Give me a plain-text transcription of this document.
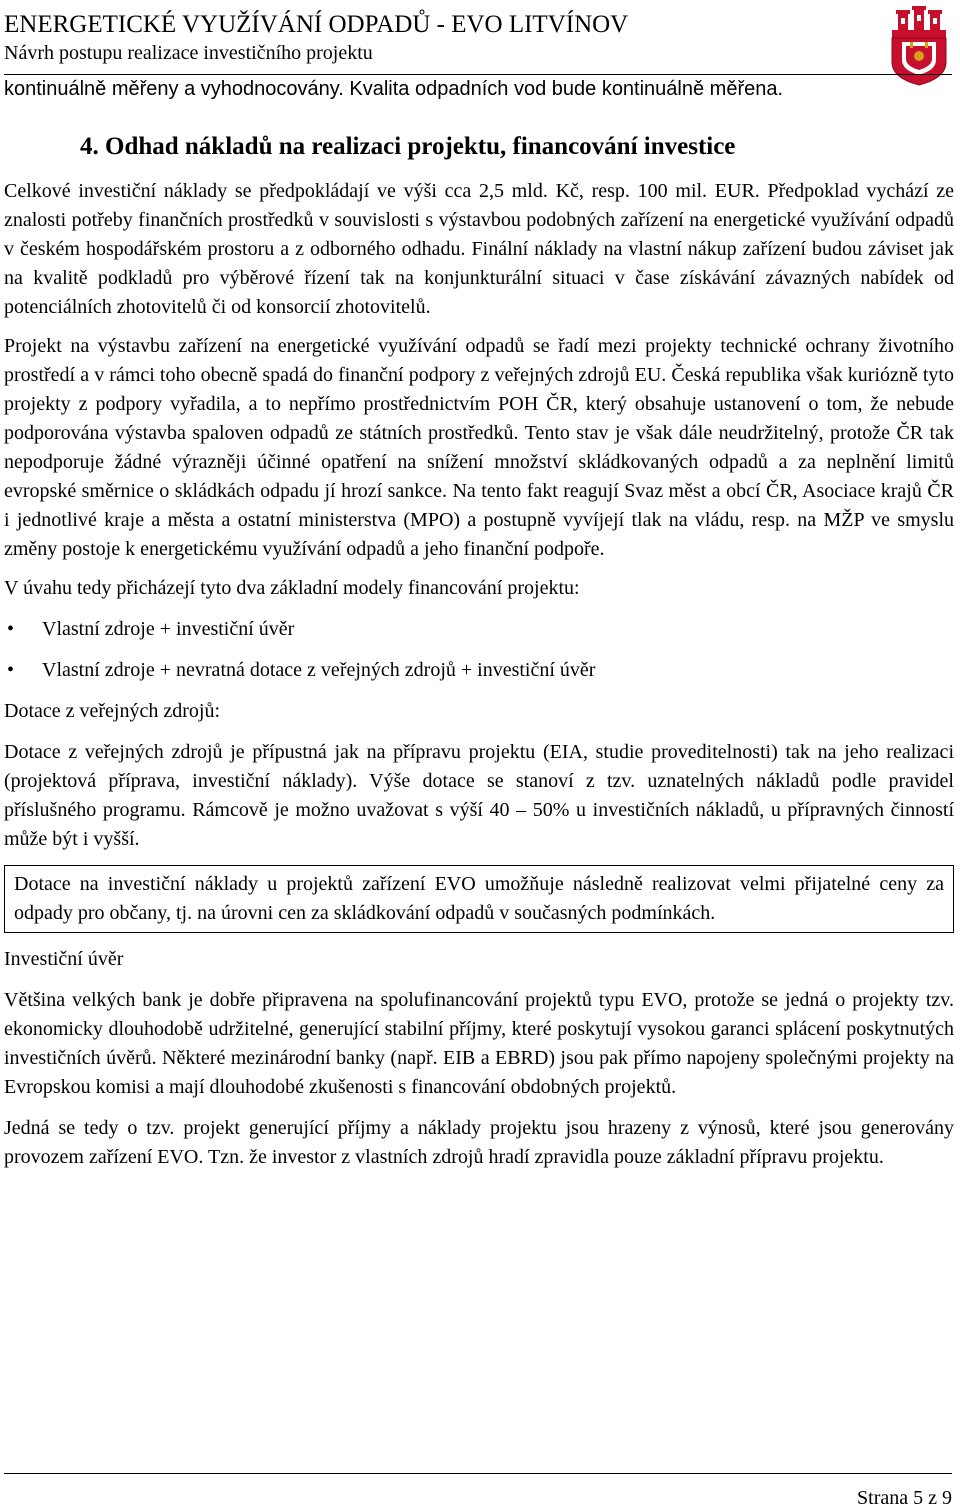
ENERGETICKÉ VYUŽÍVÁNÍ ODPADŮ - EVO LITVÍNOV
Návrh postupu realizace investičního projektu

kontinuálně měřeny a vyhodnocovány. Kvalita odpadních vod bude kontinuálně měřena.

4. Odhad nákladů na realizaci projektu, financování investice

Celkové investiční náklady se předpokládají ve výši cca 2,5 mld. Kč, resp. 100 mil. EUR. Předpoklad vychází ze znalosti potřeby finančních prostředků v souvislosti s výstavbou podobných zařízení na energetické využívání odpadů v českém hospodářském prostoru a z odborného odhadu. Finální náklady na vlastní nákup zařízení budou záviset jak na kvalitě podkladů pro výběrové řízení tak na konjunkturální situaci v čase získávání závazných nabídek od potenciálních zhotovitelů či od konsorcií zhotovitelů.

Projekt na výstavbu zařízení na energetické využívání odpadů se řadí mezi projekty technické ochrany životního prostředí a v rámci toho obecně spadá do finanční podpory z veřejných zdrojů EU. Česká republika však kuriózně tyto projekty z podpory vyřadila, a to nepřímo prostřednictvím POH ČR, který obsahuje ustanovení o tom, že nebude podporována výstavba spaloven odpadů ze státních prostředků. Tento stav je však dále neudržitelný, protože ČR tak nepodporuje žádné výrazněji účinné opatření na snížení množství skládkovaných odpadů a za neplnění limitů evropské směrnice o skládkách odpadu jí hrozí sankce. Na tento fakt reagují Svaz měst a obcí ČR, Asociace krajů ČR i jednotlivé kraje a města a ostatní ministerstva (MPO) a postupně vyvíjejí tlak na vládu, resp. na MŽP ve smyslu změny postoje k energetickému využívání odpadů a jeho finanční podpoře.

V úvahu tedy přicházejí tyto dva základní modely financování projektu:

• Vlastní zdroje + investiční úvěr
• Vlastní zdroje + nevratná dotace z veřejných zdrojů + investiční úvěr

Dotace z veřejných zdrojů:

Dotace z veřejných zdrojů je přípustná jak na přípravu projektu (EIA, studie proveditelnosti) tak na jeho realizaci (projektová příprava, investiční náklady). Výše dotace se stanoví z tzv. uznatelných nákladů podle pravidel příslušného programu. Rámcově je možno uvažovat s výší 40 – 50% u investičních nákladů, u přípravných činností může být i vyšší.

Dotace na investiční náklady u projektů zařízení EVO umožňuje následně realizovat velmi přijatelné ceny za odpady pro občany, tj. na úrovni cen za skládkování odpadů v současných podmínkách.

Investiční úvěr

Většina velkých bank je dobře připravena na spolufinancování projektů typu EVO, protože se jedná o projekty tzv. ekonomicky dlouhodobě udržitelné, generující stabilní příjmy, které poskytují vysokou garanci splácení poskytnutých investičních úvěrů. Některé mezinárodní banky (např. EIB a EBRD) jsou pak přímo napojeny společnými projekty na Evropskou komisi a mají dlouhodobé zkušenosti s financování obdobných projektů.

Jedná se tedy o tzv. projekt generující příjmy a náklady projektu jsou hrazeny z výnosů, které jsou generovány provozem zařízení EVO. Tzn. že investor z vlastních zdrojů hradí zpravidla pouze základní přípravu projektu.

Strana 5 z 9
